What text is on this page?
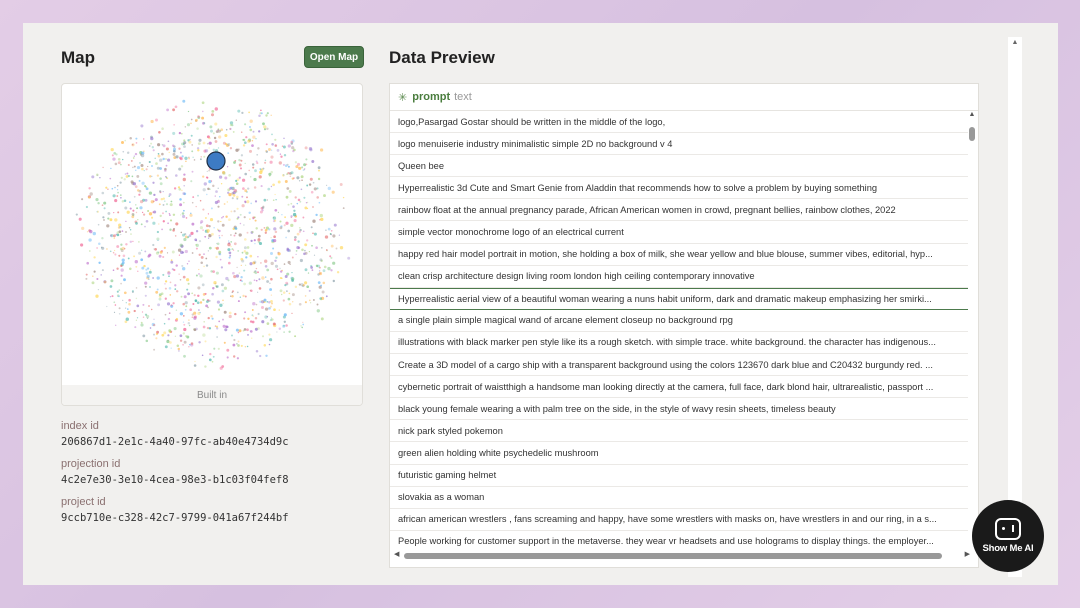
Map	Open Map
Built in
index id
206867d1-2e1c-4a40-97fc-ab40e4734d9c
projection id
4c2e7e30-3e10-4cea-98e3-b1c03f04fef8
project id
9ccb710e-c328-42c7-9799-041a67f244bf
Data Preview
✳ prompt text
logo,Pasargad Gostar should be written in the middle of the logo,
logo menuiserie industry minimalistic simple 2D no background v 4
Queen bee
Hyperrealistic 3d Cute and Smart Genie from Aladdin that recommends how to solve a problem by buying something
rainbow float at the annual pregnancy parade, African American women in crowd, pregnant bellies, rainbow clothes, 2022
simple vector monochrome logo of an electrical current
happy red hair model portrait in motion, she holding a box of milk, she wear yellow and blue blouse, summer vibes, editorial, hyp...
clean crisp architecture design living room london high ceiling contemporary innovative
Hyperrealistic aerial view of a beautiful woman wearing a nuns habit uniform, dark and dramatic makeup emphasizing her smirki...
a single plain simple magical wand of arcane element closeup no background rpg
illustrations with black marker pen style like its a rough sketch. with simple trace. white background. the character has indigenous...
Create a 3D model of a cargo ship with a transparent background using the colors 123670 dark blue and C20432 burgundy red. ...
cybernetic portrait of waistthigh a handsome man looking directly at the camera, full face, dark blond hair, ultrarealistic, passport ...
black young female wearing a with palm tree on the side, in the style of wavy resin sheets, timeless beauty
nick park styled pokemon
green alien holding white psychedelic mushroom
futuristic gaming helmet
slovakia as a woman
african american wrestlers , fans screaming and happy, have some wrestlers with masks on, have wrestlers in and our ring, in a s...
People working for customer support in the metaverse. they wear vr headsets and use holograms to display things. the employer...
▲
◀	▶
▲
Show Me AI
